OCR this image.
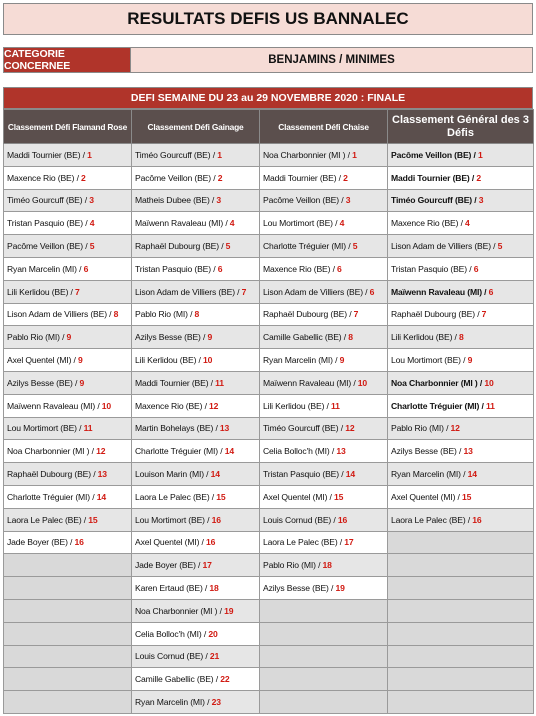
RESULTATS DEFIS US BANNALEC
CATEGORIE CONCERNEE	BENJAMINS / MINIMES
DEFI SEMAINE DU 23 au 29 NOVEMBRE 2020 : FINALE
Classement Défi Flamand Rose	Classement Défi Gainage	Classement Défi Chaise	Classement Général des 3 Défis
Maddi Tournier (BE) / 1	Timéo Gourcuff (BE) / 1	Noa Charbonnier (MI ) / 1	Pacôme Veillon (BE) / 1
Maxence Rio (BE) / 2	Pacôme Veillon (BE) / 2	Maddi Tournier (BE) / 2	Maddi Tournier (BE) / 2
Timéo Gourcuff (BE) / 3	Matheis Dubee (BE) / 3	Pacôme Veillon (BE) / 3	Timéo Gourcuff (BE) / 3
Tristan Pasquio (BE) / 4	Maïwenn Ravaleau (MI) / 4	Lou Mortimort (BE) / 4	Maxence Rio (BE) / 4
Pacôme Veillon (BE) / 5	Raphaël Dubourg (BE) / 5	Charlotte Tréguier (MI) / 5	Lison Adam de Villiers (BE) / 5
Ryan Marcelin (MI) / 6	Tristan Pasquio (BE) / 6	Maxence Rio (BE) / 6	Tristan Pasquio (BE) / 6
Lili Kerlidou (BE) / 7	Lison Adam de Villiers (BE) / 7	Lison Adam de Villiers (BE) / 6	Maïwenn Ravaleau (MI) / 6
Lison Adam de Villiers (BE) / 8	Pablo Rio (MI) / 8	Raphaël Dubourg (BE) / 7	Raphaël Dubourg (BE) / 7
Pablo Rio (MI) / 9	Azilys Besse (BE) / 9	Camille Gabellic (BE) / 8	Lili Kerlidou (BE) / 8
Axel Quentel (MI) / 9	Lili Kerlidou (BE) / 10	Ryan Marcelin (MI) / 9	Lou Mortimort (BE) / 9
Azilys Besse (BE) / 9	Maddi Tournier (BE) / 11	Maïwenn Ravaleau (MI) / 10	Noa Charbonnier (MI ) / 10
Maïwenn Ravaleau (MI) / 10	Maxence Rio (BE) / 12	Lili Kerlidou (BE) / 11	Charlotte Tréguier (MI) / 11
Lou Mortimort (BE) / 11	Martin Bohelays (BE) / 13	Timéo Gourcuff (BE) / 12	Pablo Rio (MI) / 12
Noa Charbonnier (MI ) / 12	Charlotte Tréguier (MI) / 14	Celia Bolloc'h (MI) / 13	Azilys Besse (BE) / 13
Raphaël Dubourg (BE) / 13	Louison Marin (MI) / 14	Tristan Pasquio (BE) / 14	Ryan Marcelin (MI) / 14
Charlotte Tréguier (MI) / 14	Laora Le Palec (BE) / 15	Axel Quentel (MI) / 15	Axel Quentel (MI) / 15
Laora Le Palec (BE) / 15	Lou Mortimort (BE) / 16	Louis Cornud (BE) / 16	Laora Le Palec (BE) / 16
Jade Boyer (BE) / 16	Axel Quentel (MI) / 16	Laora Le Palec (BE) / 17	
	Jade Boyer (BE) / 17	Pablo Rio (MI) / 18	
	Karen Ertaud (BE) / 18	Azilys Besse (BE) / 19	
	Noa Charbonnier (MI ) / 19		
	Celia Bolloc'h (MI) / 20		
	Louis Cornud (BE) / 21		
	Camille Gabellic (BE) / 22		
	Ryan Marcelin (MI) / 23		
